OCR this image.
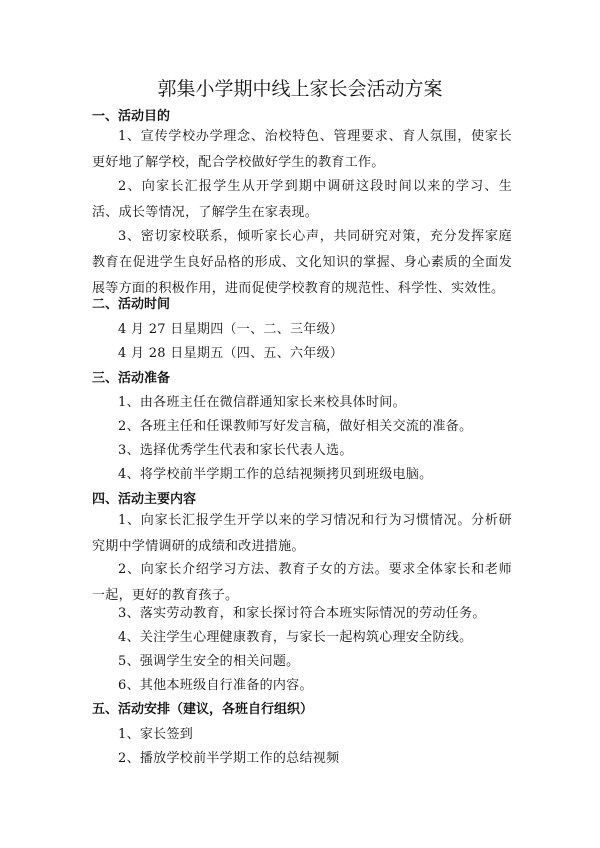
郭集小学期中线上家长会活动方案
一、活动目的
1、宣传学校办学理念、治校特色、管理要求、育人氛围，使家长更好地了解学校，配合学校做好学生的教育工作。
2、向家长汇报学生从开学到期中调研这段时间以来的学习、生活、成长等情况，了解学生在家表现。
3、密切家校联系，倾听家长心声，共同研究对策，充分发挥家庭教育在促进学生良好品格的形成、文化知识的掌握、身心素质的全面发展等方面的积极作用，进而促使学校教育的规范性、科学性、实效性。
二、活动时间
4 月 27 日星期四（一、二、三年级）
4 月 28 日星期五（四、五、六年级）
三、活动准备
1、由各班主任在微信群通知家长来校具体时间。
2、各班主任和任课教师写好发言稿，做好相关交流的准备。
3、选择优秀学生代表和家长代表人选。
4、将学校前半学期工作的总结视频拷贝到班级电脑。
四、活动主要内容
1、向家长汇报学生开学以来的学习情况和行为习惯情况。分析研究期中学情调研的成绩和改进措施。
2、向家长介绍学习方法、教育子女的方法。要求全体家长和老师一起，更好的教育孩子。
3、落实劳动教育，和家长探讨符合本班实际情况的劳动任务。
4、关注学生心理健康教育，与家长一起构筑心理安全防线。
5、强调学生安全的相关问题。
6、其他本班级自行准备的内容。
五、活动安排（建议，各班自行组织）
1、家长签到
2、播放学校前半学期工作的总结视频
